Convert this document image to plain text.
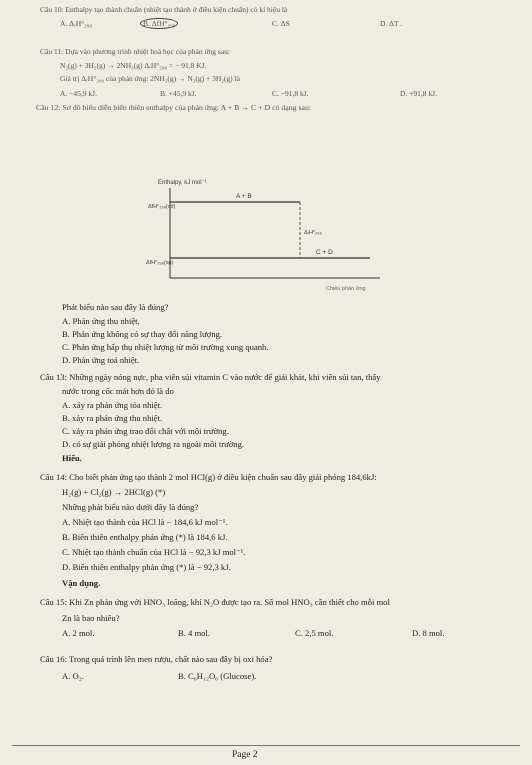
Câu 10: Enthalpy tạo thành chuẩn (nhiệt tạo thành ở điều kiện chuẩn) có kí hiệu là
A. ΔᵣH°₂₉₈	B. ΔfH°₂₉₈	C. ΔS	D. ΔT .
Câu 11: Dựa vào phương trình nhiệt hoá học của phản ứng sau:
N₂(g) + 3H₂(g) → 2NH₃(g) ΔᵣH°₂₉₈ = − 91,8 KJ.
Giá trị ΔᵣH°₂₉₈ của phản ứng: 2NH₃(g) → N₂(g) + 3H₂(g) là
A. −45,9 kJ.	B. +45,9 kJ.	C. −91,8 kJ.	D. +91,8 kJ.
Câu 12: Sơ đồ biểu diễn biến thiên enthalpy của phản ứng: A + B → C + D có dạng sau:
Enthalpy, kJ mol⁻¹
A + B
ΔfH°₂₉₈(cđ)
ΔᵣH°₂₉₈
C + D
ΔfH°₂₉₈(sp)
Chiều phản ứng
Phát biểu nào sau đây là đúng?
A. Phản ứng thu nhiệt.
B. Phản ứng không có sự thay đổi năng lượng.
C. Phản ứng hấp thụ nhiệt lượng từ môi trường xung quanh.
D. Phản ứng toả nhiệt.
Câu 13: Những ngày nóng nực, pha viên sủi vitamin C vào nước để giải khát, khi viên sủi tan, thấy
nước trong cốc mát hơn đó là do
A. xảy ra phản ứng tỏa nhiệt.
B. xảy ra phản ứng thu nhiệt.
C. xảy ra phản ứng trao đổi chất với môi trường.
D. có sự giải phóng nhiệt lượng ra ngoài môi trường.
Hiểu.
Câu 14: Cho biết phản ứng tạo thành 2 mol HCl(g) ở điều kiện chuẩn sau đây giải phóng 184,6kJ:
H₂(g) + Cl₂(g) → 2HCl(g) (*)
Những phát biểu nào dưới đây là đúng?
A. Nhiệt tạo thành của HCl là − 184,6 kJ mol⁻¹.
B. Biến thiên enthalpy phản ứng (*) là 184,6 kJ.
C. Nhiệt tạo thành chuẩn của HCl là − 92,3 kJ mol⁻¹.
D. Biến thiên enthalpy phản ứng (*) là − 92,3 kJ.
Vận dụng.
Câu 15: Khi Zn phản ứng với HNO₃ loãng, khí N₂O được tạo ra. Số mol HNO₃ cần thiết cho mỗi mol
Zn là bao nhiêu?
A. 2 mol.	B. 4 mol.	C. 2,5 mol.	D. 8 mol.
Câu 16: Trong quá trình lên men rượu, chất nào sau đây bị oxi hóa?
A. O₂.	B. C₆H₁₂O₆ (Glucose).
Page 2
